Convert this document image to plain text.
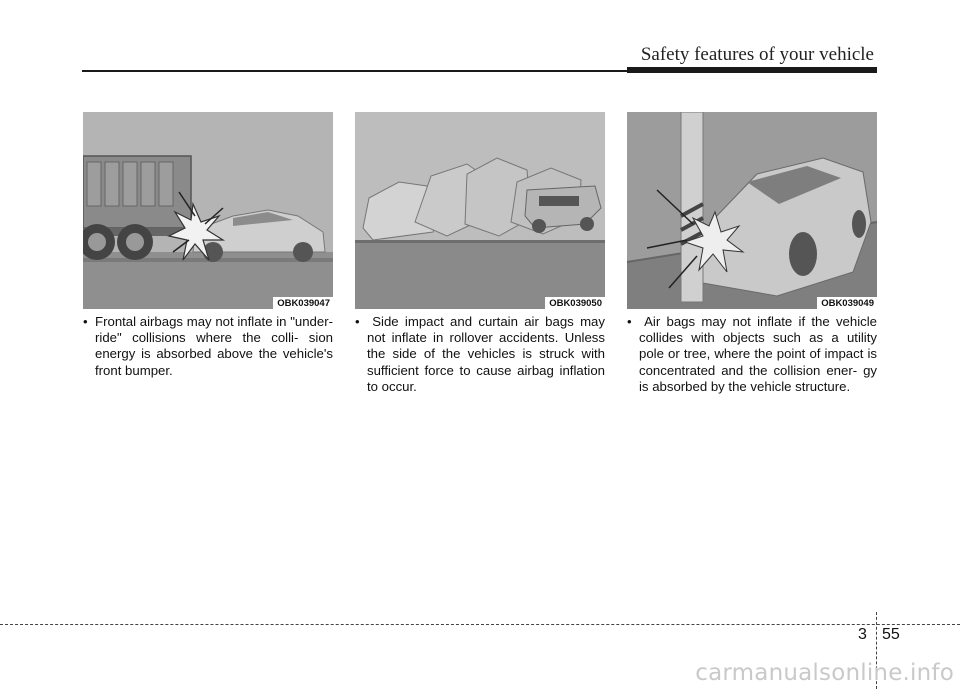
Safety features of your vehicle
OBK039047	OBK039050	OBK039049
• Frontal airbags may not inflate in "under-ride" collisions where the colli- sion energy is absorbed above the vehicle's front bumper.
• Side impact and curtain air bags may not inflate in rollover accidents. Unless the side of the vehicles is struck with sufficient force to cause airbag inflation to occur.
• Air bags may not inflate if the vehicle collides with objects such as a utility pole or tree, where the point of impact is concentrated and the collision ener- gy is absorbed by the vehicle structure.
3 55
carmanualsonline.info
